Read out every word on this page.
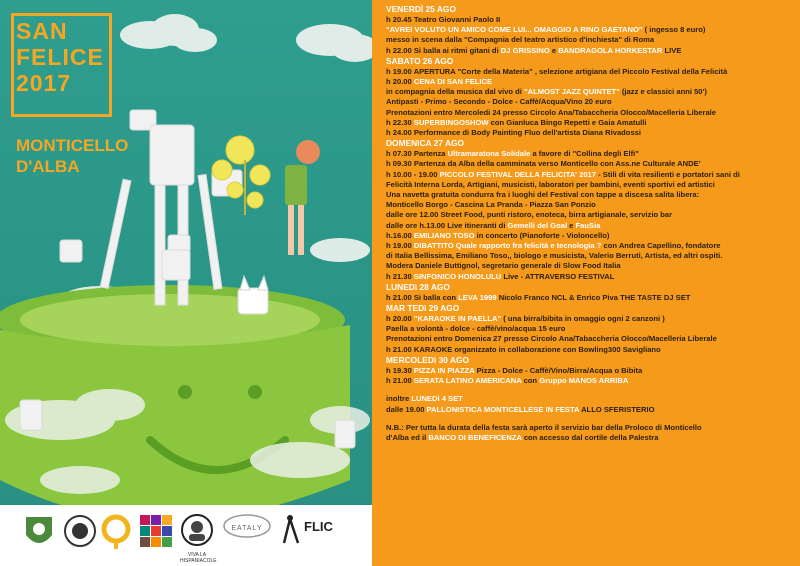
SAN
FELICE
2017
MONTICELLO
D'ALBA
VIVA LA HISPANIACOLE
EATALY	FLIC
VENERDÌ 25 AGO
h 20.45 Teatro Giovanni Paolo II
"AVREI VOLUTO UN AMICO COME LUI... OMAGGIO A RINO GAETANO" ( ingesso 8 euro)
messo in scena dalla "Compagnia del teatro artistico d'inchiesta" di Roma
h 22.00 Si balla ai ritmi gitani di DJ GRISSINO e BANDRAGOLA HORKESTAR LIVE
SABATO 26 AGO
h 19.00 APERTURA "Corte della Materia" , selezione artigiana del Piccolo Festival della Felicità
h 20.00 CENA DI SAN FELICE
in compagnia della musica dal vivo di "ALMOST JAZZ QUINTET" (jazz e classici anni 50')
Antipasti - Primo - Secondo - Dolce - Caffè/Acqua/Vino 20 euro
Prenotazioni entro Mercoledi 24 presso Circolo Ana/Tabaccheria Olocco/Macelleria Liberale
h 22.30 SUPERBINGOSHOW con Gianluca Bingo Repetti e Gaia Amatulli
h 24.00 Performance di Body Painting Fluo dell'artista Diana Rivadossi
DOMENICA 27 AGO
h 07.30 Partenza Ultramaratona Solidale a favore di "Collina degli Elfi"
h 09.30 Partenza da Alba della camminata verso Monticello con Ass.ne Culturale ANDE'
h 10.00 - 19.00 PICCOLO FESTIVAL DELLA FELICITA' 2017 - Stili di vita resilienti e portatori sani di
Felicità Interna Lorda, Artigiani, musicisti, laboratori per bambini, eventi sportivi ed artistici
Una navetta gratuita condurra fra i luoghi del Festival con tappe a discesa salita libera:
Monticello Borgo - Cascina La Pranda - Piazza San Ponzio
dalle ore 12.00 Street Food, punti ristoro, enoteca, birra artigianale, servizio bar
dalle ore h.13.00 Live itineranti di Gemelli del Goal e FauSia
h.16.00 EMILIANO TOSO in concerto (Pianoforte - Violoncello)
h 19.00 DIBATTITO Quale rapporto fra felicità e tecnologia ? con Andrea Capellino, fondatore
di Italia Bellissima, Emiliano Toso,, biologo e musicista, Valerio Berruti, Artista, ed altri ospiti.
Modera Daniele Buttignol, segretario generale di Slow Food Italia
h 21.30 SINFONICO HONOLULU Live - ATTRAVERSO FESTIVAL
LUNEDì 28 AGO
h 21.00 Si balla con LEVA 1999 Nicolo Franco NCL & Enrico Piva THE TASTE DJ SET
MAR TEDì 29 AGO
h 20.00 "KARAOKE IN PAELLA" ( una birra/bibita in omaggio ogni 2 canzoni )
Paella a volontà - dolce - caffè/vino/acqua 15 euro
Prenotazioni entro Domenica 27 presso Circolo Ana/Tabaccheria Olocco/Macelleria Liberale
h 21.00 KARAOKE organizzato in collaborazione con Bowling300 Savigliano
MERCOLEDì 30 AGO
h 19.30 PIZZA IN PIAZZA Pizza - Dolce - Caffè/Vino/Birra/Acqua o Bibita
h 21.00 SERATA LATINO AMERICANA con Gruppo MANOS ARRIBA
inoltre LUNEDì 4 SET
dalle 19.00 PALLONISTICA MONTICELLESE IN FESTA ALLO SFERISTERIO
N.B.: Per tutta la durata della festa sarà aperto il servizio bar della Proloco di Monticello
d'Alba ed il BANCO DI BENEFICENZA con accesso dal cortile della Palestra
